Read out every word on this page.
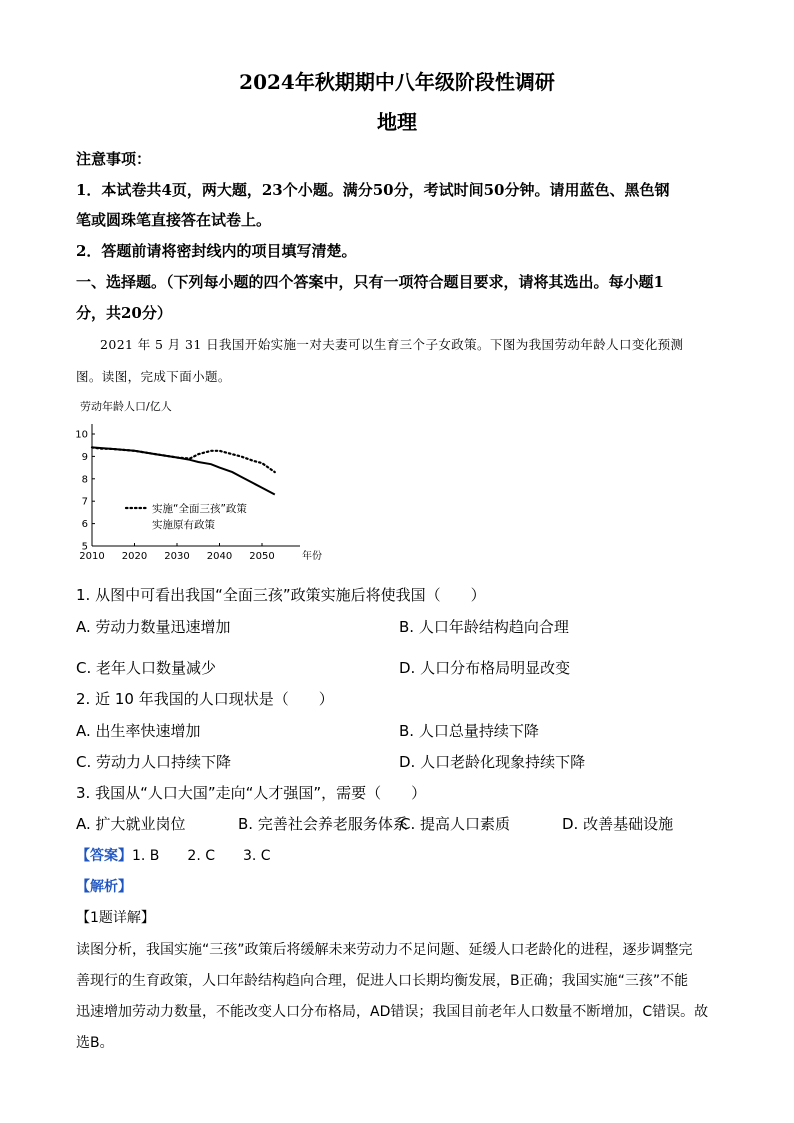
2024年秋期期中八年级阶段性调研
地理
注意事项：
1．本试卷共4页，两大题，23个小题。满分50分，考试时间50分钟。请用蓝色、黑色钢
笔或圆珠笔直接答在试卷上。
2．答题前请将密封线内的项目填写清楚。
一、选择题。（下列每小题的四个答案中，只有一项符合题目要求，请将其选出。每小题1
分，共20分）
2021 年 5 月 31 日我国开始实施一对夫妻可以生育三个子女政策。下图为我国劳动年龄人口变化预测
图。读图，完成下面小题。
劳动年龄人口/亿人
5
6
7
8
9
10
2010 2020 2030 2040 2050	年份
实施“全面三孩”政策
实施原有政策
1. 从图中可看出我国“全面三孩”政策实施后将使我国（　　）
A. 劳动力数量迅速增加	B. 人口年龄结构趋向合理
C. 老年人口数量减少	D. 人口分布格局明显改变
2. 近 10 年我国的人口现状是（　　）
A. 出生率快速增加	B. 人口总量持续下降
C. 劳动力人口持续下降	D. 人口老龄化现象持续下降
3. 我国从“人口大国”走向“人才强国”，需要（　　）
A. 扩大就业岗位	B. 完善社会养老服务体系
C. 提高人口素质	D. 改善基础设施
【答案】1. B　　2. C　　3. C
【解析】
【1题详解】
读图分析，我国实施“三孩”政策后将缓解未来劳动力不足问题、延缓人口老龄化的进程，逐步调整完
善现行的生育政策，人口年龄结构趋向合理，促进人口长期均衡发展，B正确；我国实施“三孩”不能
迅速增加劳动力数量，不能改变人口分布格局，AD错误；我国目前老年人口数量不断增加，C错误。故
选B。
